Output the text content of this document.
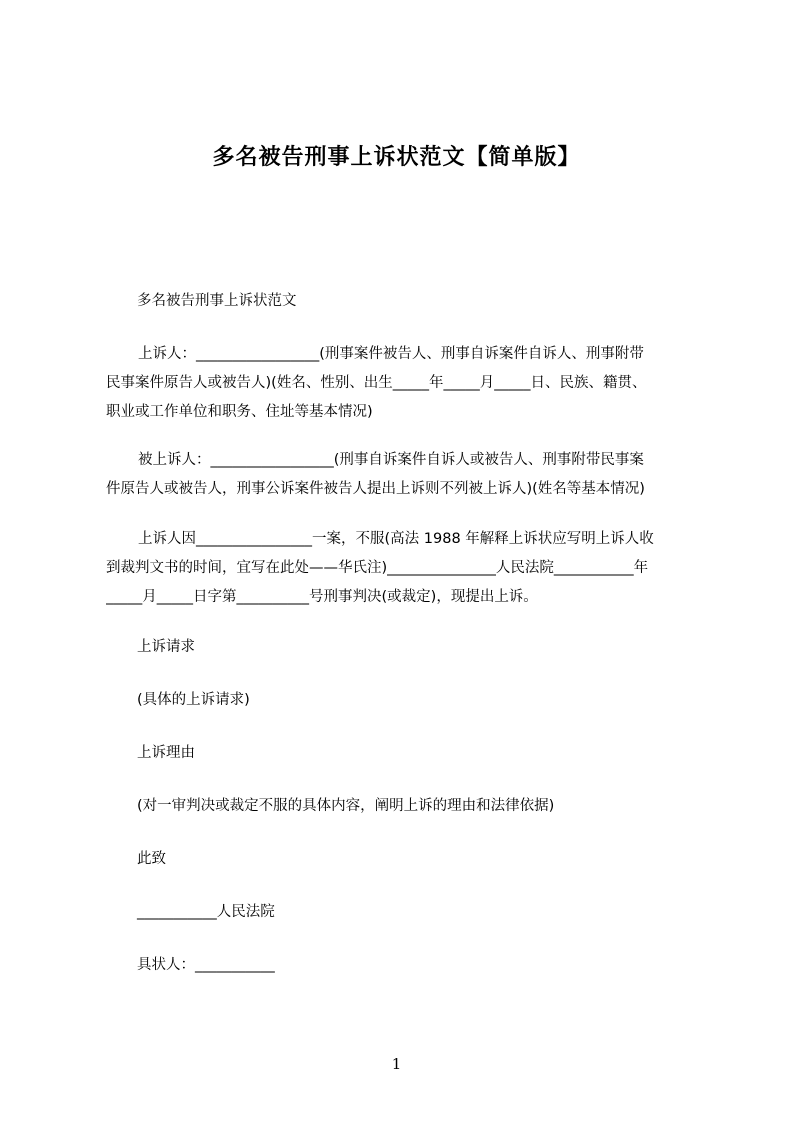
多名被告刑事上诉状范文【简单版】
多名被告刑事上诉状范文
上诉人：_________________(刑事案件被告人、刑事自诉案件自诉人、刑事附带
民事案件原告人或被告人)(姓名、性别、出生_____年_____月_____日、民族、籍贯、
职业或工作单位和职务、住址等基本情况)
被上诉人：_________________(刑事自诉案件自诉人或被告人、刑事附带民事案
件原告人或被告人，刑事公诉案件被告人提出上诉则不列被上诉人)(姓名等基本情况)
上诉人因________________一案，不服(高法 1988 年解释上诉状应写明上诉人收
到裁判文书的时间，宜写在此处——华氏注)_______________人民法院___________年
_____月_____日字第__________号刑事判决(或裁定)，现提出上诉。
上诉请求
(具体的上诉请求)
上诉理由
(对一审判决或裁定不服的具体内容，阐明上诉的理由和法律依据)
此致
___________人民法院
具状人：___________
1
